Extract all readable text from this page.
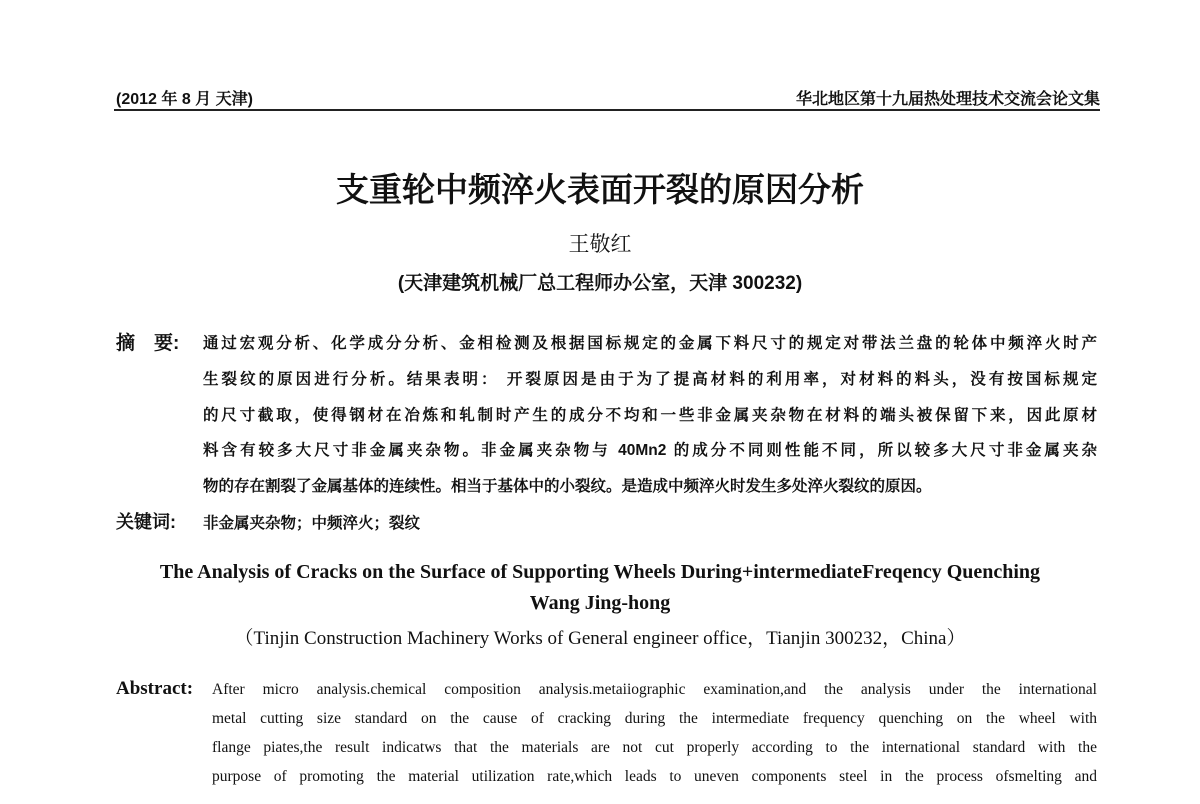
(2012 年 8 月 天津)	华北地区第十九届热处理技术交流会论文集
支重轮中频淬火表面开裂的原因分析
王敬红
(天津建筑机械厂总工程师办公室，天津 300232)
摘　要: 通过宏观分析、化学成分分析、金相检测及根据国标规定的金属下料尺寸的规定对带法兰盘的轮体中频淬火时产
生裂纹的原因进行分析。结果表明： 开裂原因是由于为了提高材料的利用率，对材料的料头，没有按国标规定
的尺寸截取，使得钢材在冶炼和轧制时产生的成分不均和一些非金属夹杂物在材料的端头被保留下来，因此原材
料含有较多大尺寸非金属夹杂物。非金属夹杂物与 40Mn2 的成分不同则性能不同，所以较多大尺寸非金属夹杂
物的存在割裂了金属基体的连续性。相当于基体中的小裂纹。是造成中频淬火时发生多处淬火裂纹的原因。
关键词: 非金属夹杂物；中频淬火；裂纹
The Analysis of Cracks on the Surface of Supporting Wheels During+intermediateFreqency Quenching
Wang Jing-hong
（Tinjin Construction Machinery Works of General engineer office，Tianjin 300232，China）
Abstract: After micro analysis.chemical composition analysis.metaiiographic examination,and the analysis under the international
metal cutting size standard on the cause of cracking during the intermediate frequency quenching on the wheel with
flange piates,the result indicatws that the materials are not cut properly according to the international standard with the
purpose of promoting the material utilization rate,which leads to uneven components steel in the process ofsmelting and
